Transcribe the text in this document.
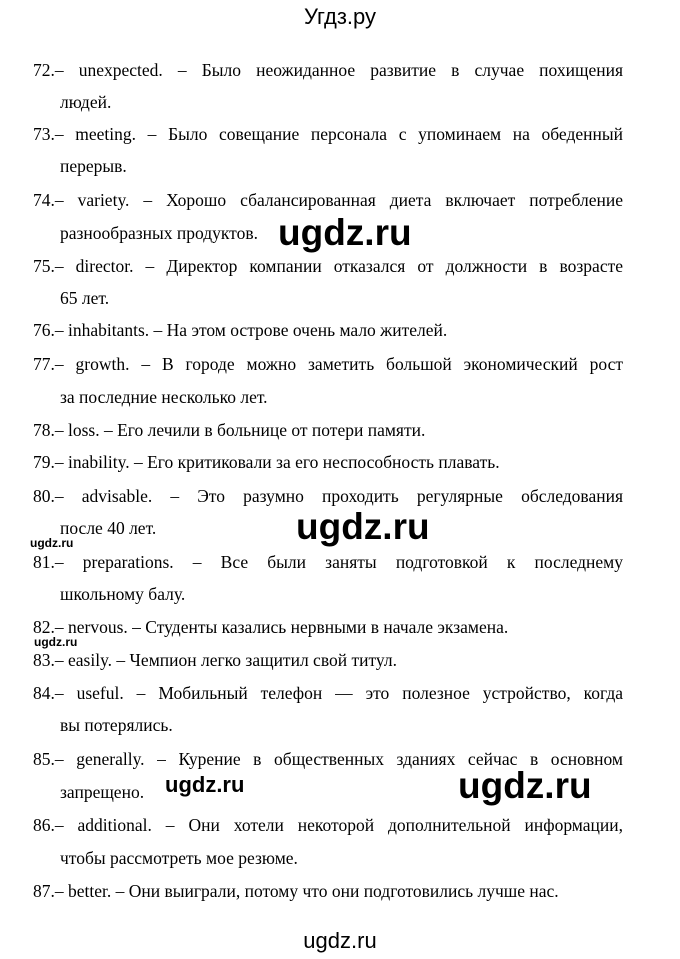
Угдз.ру
72.– unexpected. – Было неожиданное развитие в случае похищения
людей.
73.– meeting. – Было совещание персонала с упоминаем на обеденный
перерыв.
74.– variety. – Хорошо сбалансированная диета включает потребление
разнообразных продуктов.
75.– director. – Директор компании отказался от должности в возрасте
65 лет.
76.– inhabitants. – На этом острове очень мало жителей.
77.– growth. – В городе можно заметить большой экономический рост
за последние несколько лет.
78.– loss. – Его лечили в больнице от потери памяти.
79.– inability. – Его критиковали за его неспособность плавать.
80.– advisable. – Это разумно проходить регулярные обследования
после 40 лет.
81.– preparations. – Все были заняты подготовкой к последнему
школьному балу.
82.– nervous. – Студенты казались нервными в начале экзамена.
83.– easily. – Чемпион легко защитил свой титул.
84.– useful. – Мобильный телефон — это полезное устройство, когда
вы потерялись.
85.– generally. – Курение в общественных зданиях сейчас в основном
запрещено.
86.– additional. – Они хотели некоторой дополнительной информации,
чтобы рассмотреть мое резюме.
87.– better. – Они выиграли, потому что они подготовились лучше нас.
ugdz.ru
ugdz.ru
ugdz.ru
ugdz.ru
ugdz.ru
ugdz.ru
ugdz.ru
